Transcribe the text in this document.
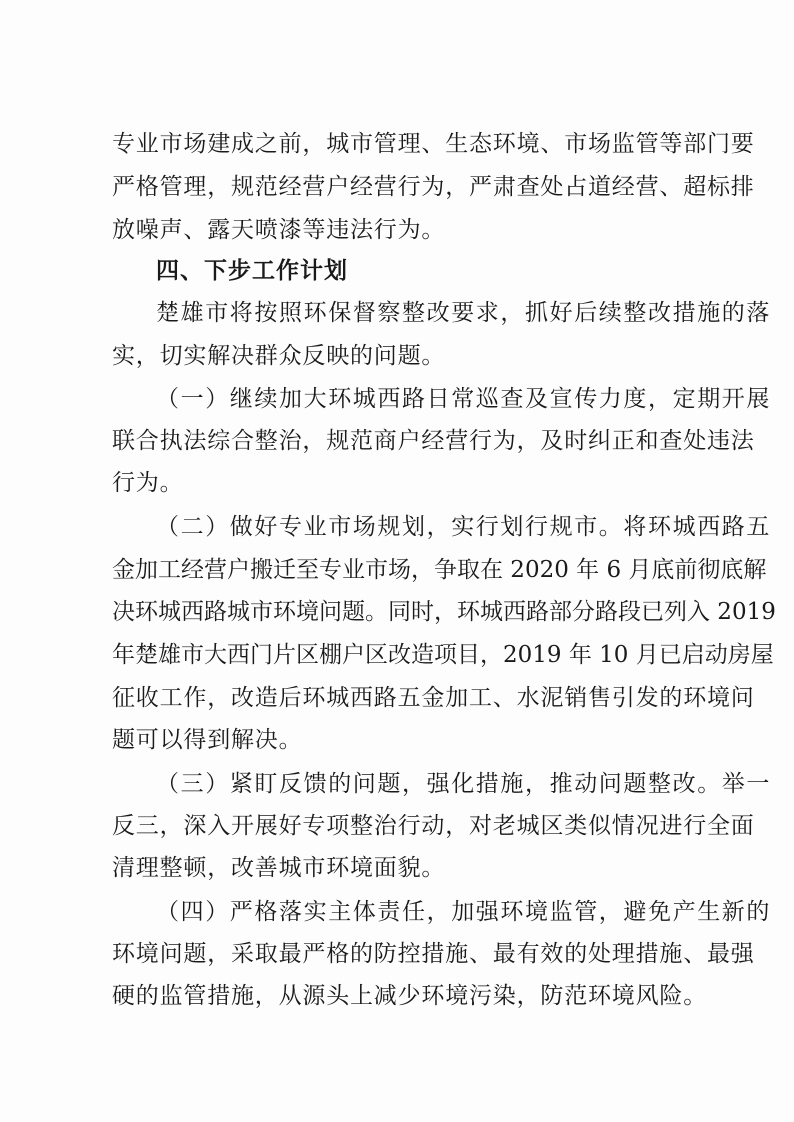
专业市场建成之前，城市管理、生态环境、市场监管等部门要
严格管理，规范经营户经营行为，严肃查处占道经营、超标排
放噪声、露天喷漆等违法行为。
四、下步工作计划
楚雄市将按照环保督察整改要求，抓好后续整改措施的落
实，切实解决群众反映的问题。
（一）继续加大环城西路日常巡查及宣传力度，定期开展
联合执法综合整治，规范商户经营行为，及时纠正和查处违法
行为。
（二）做好专业市场规划，实行划行规市。将环城西路五
金加工经营户搬迁至专业市场，争取在 2020 年 6 月底前彻底解
决环城西路城市环境问题。同时，环城西路部分路段已列入 2019
年楚雄市大西门片区棚户区改造项目，2019 年 10 月已启动房屋
征收工作，改造后环城西路五金加工、水泥销售引发的环境问
题可以得到解决。
（三）紧盯反馈的问题，强化措施，推动问题整改。举一
反三，深入开展好专项整治行动，对老城区类似情况进行全面
清理整顿，改善城市环境面貌。
（四）严格落实主体责任，加强环境监管，避免产生新的
环境问题，采取最严格的防控措施、最有效的处理措施、最强
硬的监管措施，从源头上减少环境污染，防范环境风险。
